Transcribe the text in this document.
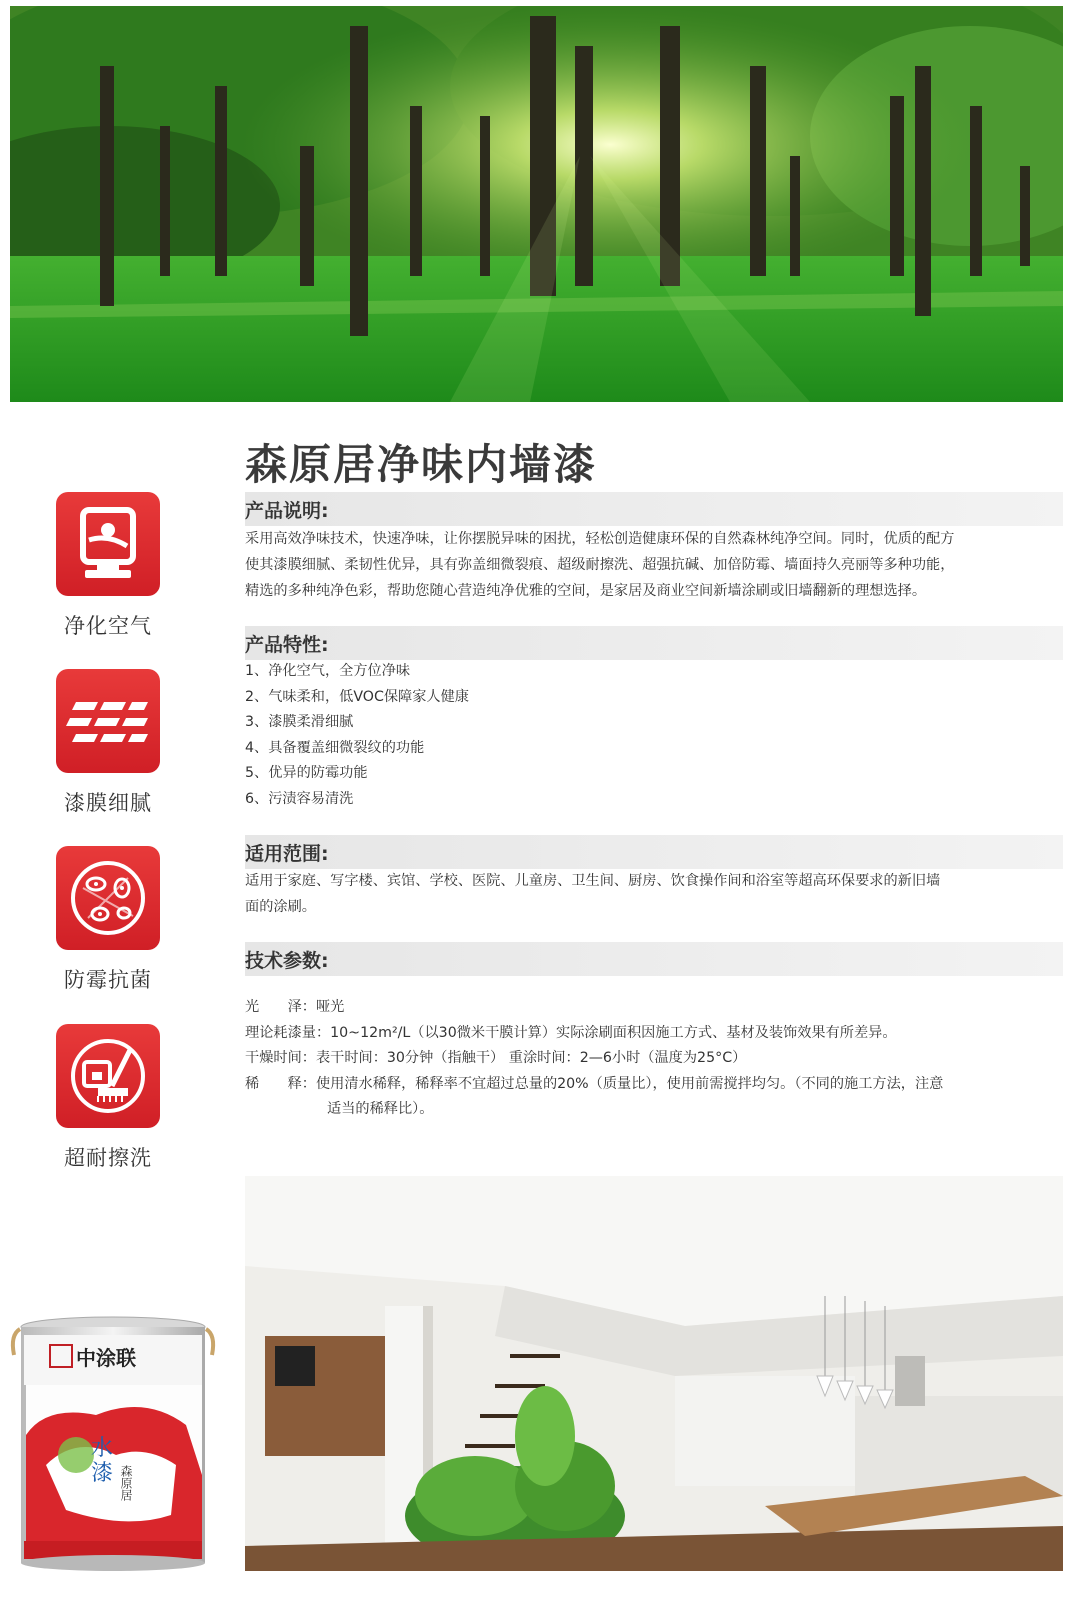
森原居净味内墙漆
净化空气
漆膜细腻
防霉抗菌
超耐擦洗
产品说明:
采用高效净味技术，快速净味，让你摆脱异味的困扰，轻松创造健康环保的自然森林纯净空间。同时，优质的配方
使其漆膜细腻、柔韧性优异，具有弥盖细微裂痕、超级耐擦洗、超强抗碱、加倍防霉、墙面持久亮丽等多种功能，
精选的多种纯净色彩，帮助您随心营造纯净优雅的空间，是家居及商业空间新墙涂刷或旧墙翻新的理想选择。
产品特性:
1、净化空气，全方位净味
2、气味柔和，低VOC保障家人健康
3、漆膜柔滑细腻
4、具备覆盖细微裂纹的功能
5、优异的防霉功能
6、污渍容易清洗
适用范围:
适用于家庭、写字楼、宾馆、学校、医院、儿童房、卫生间、厨房、饮食操作间和浴室等超高环保要求的新旧墙
面的涂刷。
技术参数:
光　　泽：哑光
理论耗漆量：10~12m²/L（以30微米干膜计算）实际涂刷面积因施工方式、基材及装饰效果有所差异。
干燥时间：表干时间：30分钟（指触干） 重涂时间：2—6小时（温度为25°C）
稀　　释：使用清水稀释，稀释率不宜超过总量的20%（质量比），使用前需搅拌均匀。（不同的施工方法，注意
适当的稀释比）。
中涂联
水
漆 森原居
